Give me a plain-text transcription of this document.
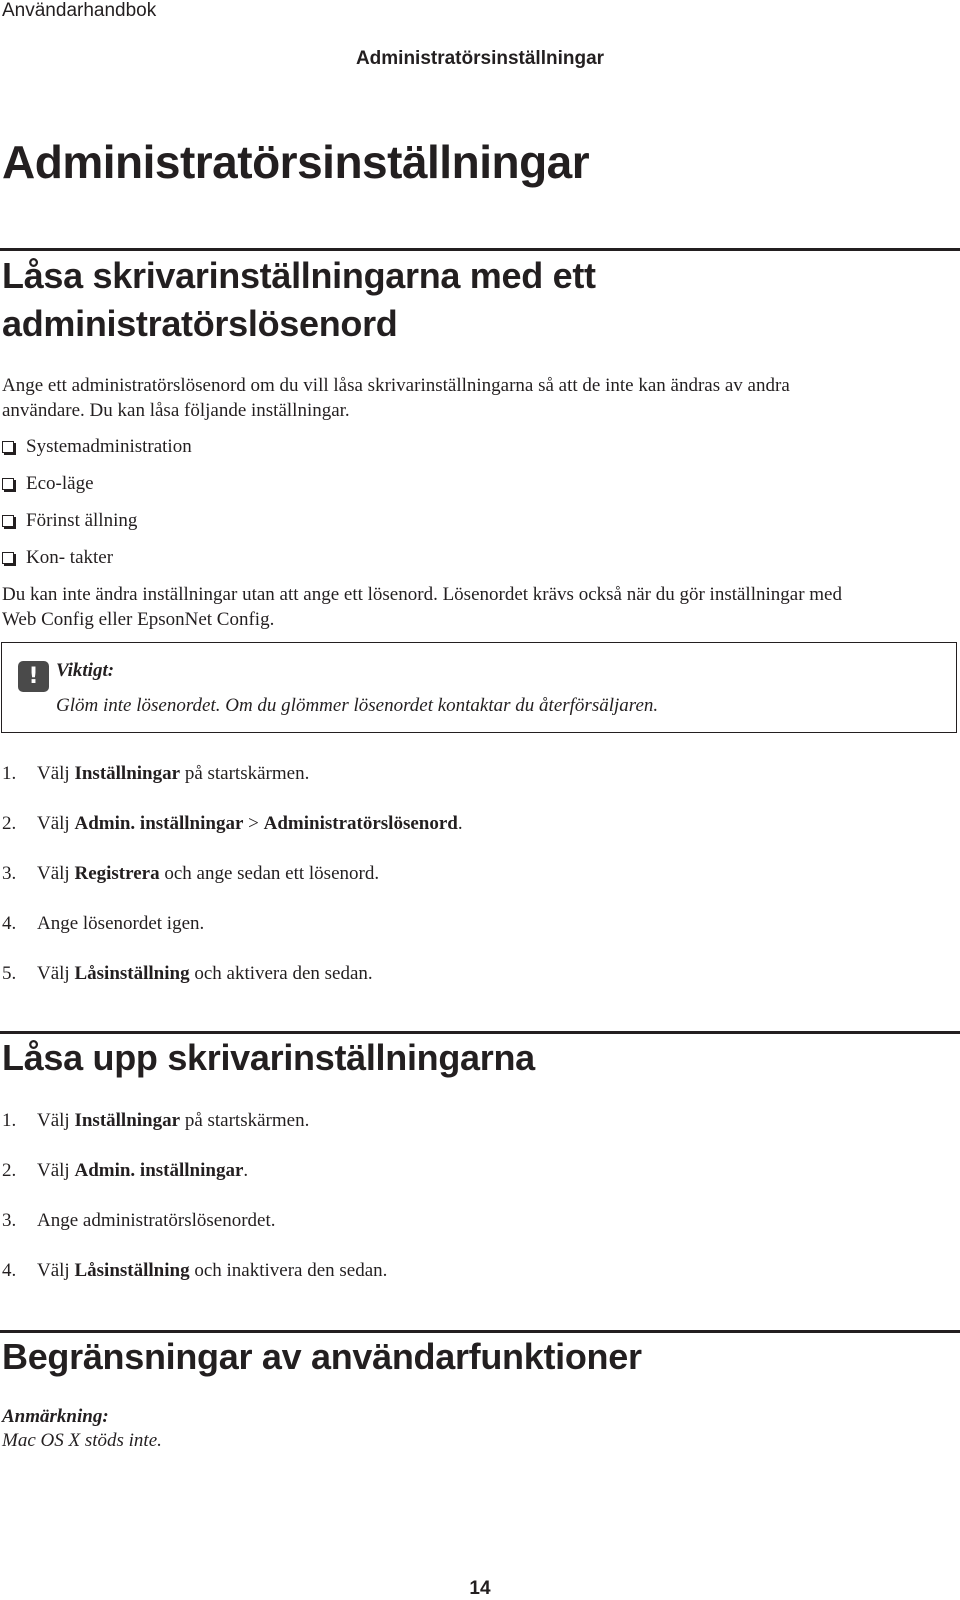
Användarhandbok
Administratörsinställningar
Administratörsinställningar
Låsa skrivarinställningarna med ett
administratörslösenord
Ange ett administratörslösenord om du vill låsa skrivarinställningarna så att de inte kan ändras av andra
användare. Du kan låsa följande inställningar.
Systemadministration
Eco-läge
Förinst ällning
Kon- takter
Du kan inte ändra inställningar utan att ange ett lösenord. Lösenordet krävs också när du gör inställningar med
Web Config eller EpsonNet Config.
! Viktigt:
Glöm inte lösenordet. Om du glömmer lösenordet kontaktar du återförsäljaren.
1.	Välj Inställningar på startskärmen.
2.	Välj Admin. inställningar > Administratörslösenord.
3.	Välj Registrera och ange sedan ett lösenord.
4.	Ange lösenordet igen.
5.	Välj Låsinställning och aktivera den sedan.
Låsa upp skrivarinställningarna
1.	Välj Inställningar på startskärmen.
2.	Välj Admin. inställningar.
3.	Ange administratörslösenordet.
4.	Välj Låsinställning och inaktivera den sedan.
Begränsningar av användarfunktioner
Anmärkning:
Mac OS X stöds inte.
14
